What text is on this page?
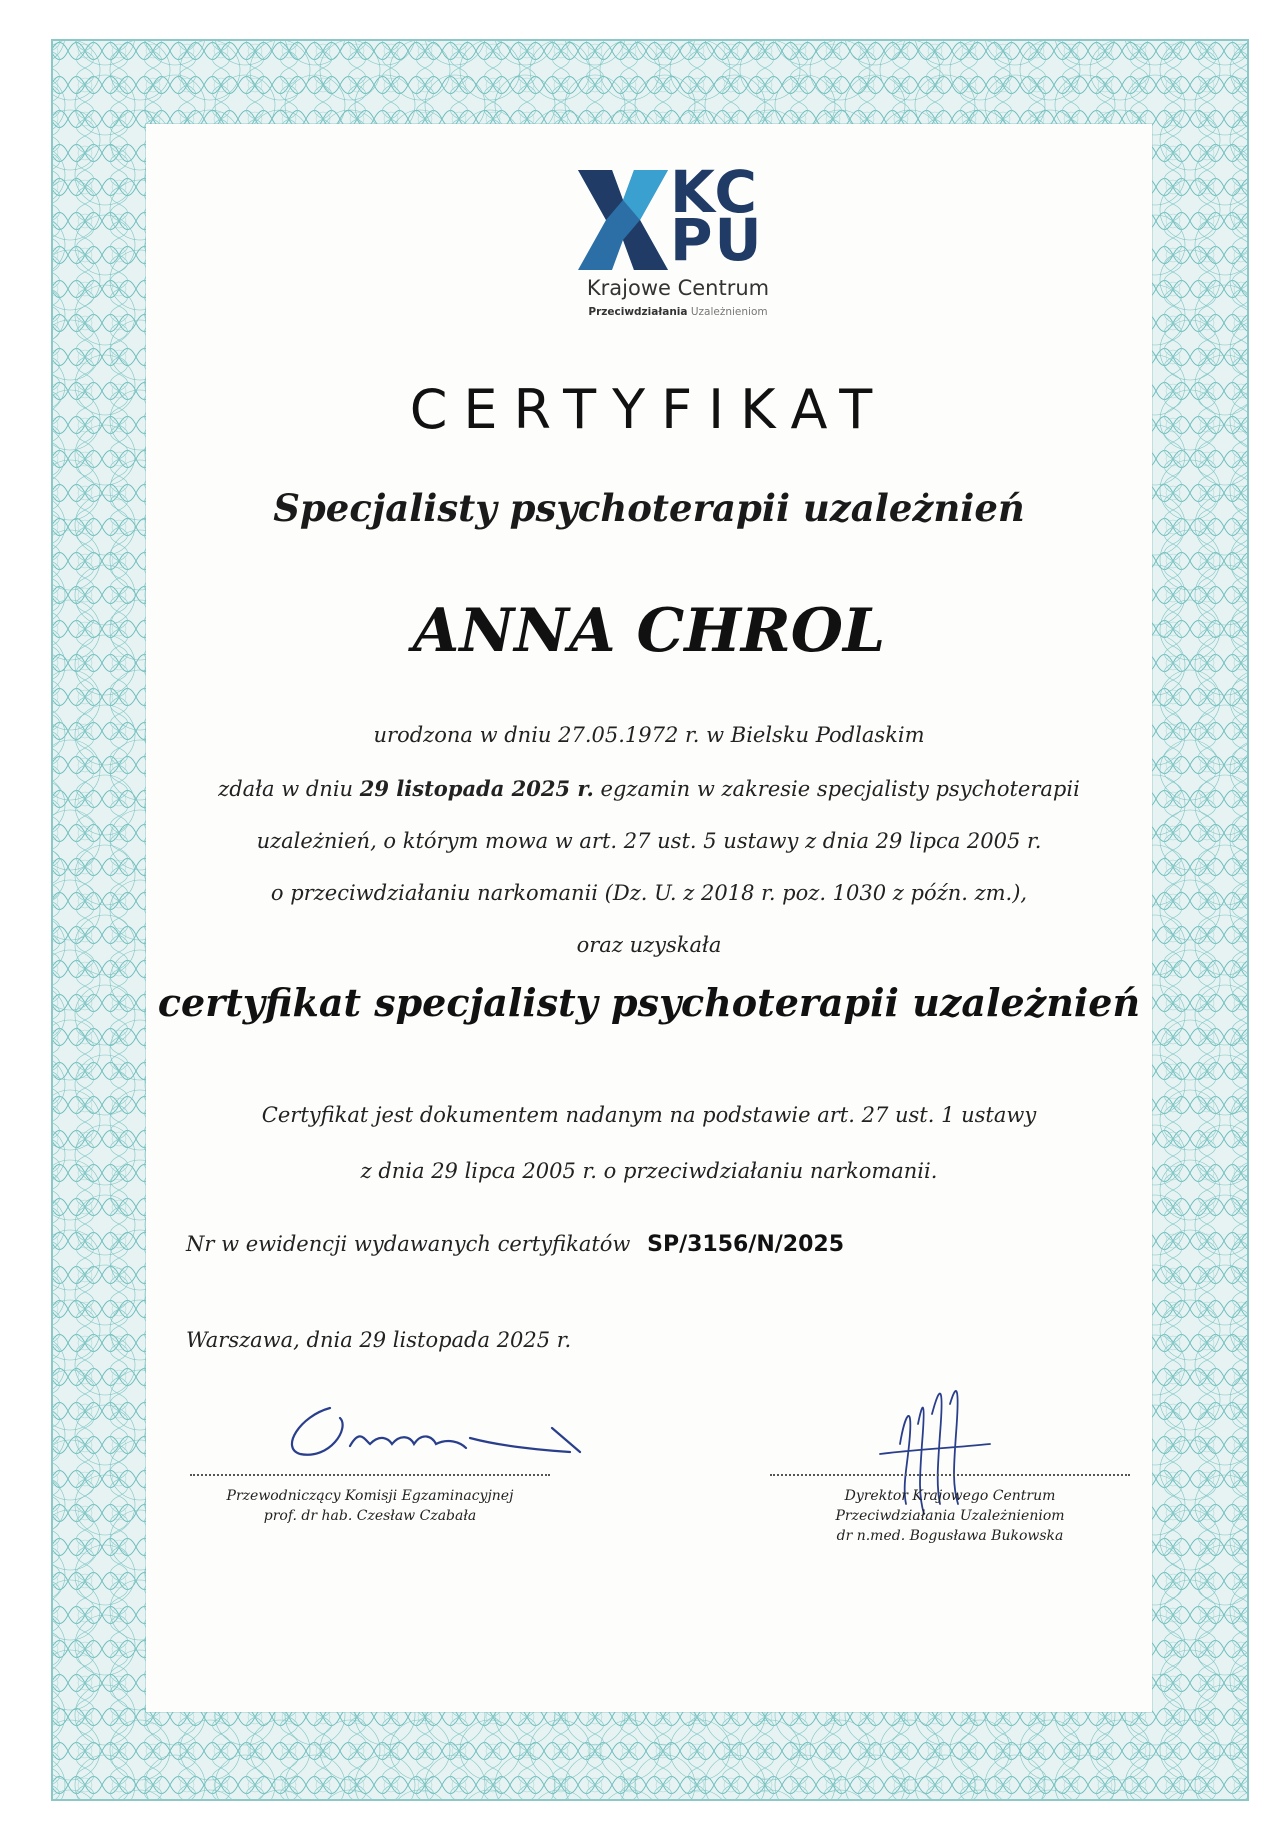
KC
PU
Krajowe Centrum
Przeciwdziałania Uzależnieniom
CERTYFIKAT
Specjalisty psychoterapii uzależnień
ANNA CHROL
urodzona w dniu 27.05.1972 r. w Bielsku Podlaskim
zdała w dniu 29 listopada 2025 r. egzamin w zakresie specjalisty psychoterapii
uzależnień, o którym mowa w art. 27 ust. 5 ustawy z dnia 29 lipca 2005 r.
o przeciwdziałaniu narkomanii (Dz. U. z 2018 r. poz. 1030 z późn. zm.),
oraz uzyskała
certyfikat specjalisty psychoterapii uzależnień
Certyfikat jest dokumentem nadanym na podstawie art. 27 ust. 1 ustawy
z dnia 29 lipca 2005 r. o przeciwdziałaniu narkomanii.
Nr w ewidencji wydawanych certyfikatów SP/3156/N/2025
Warszawa, dnia 29 listopada 2025 r.
Przewodniczący Komisji Egzaminacyjnej
prof. dr hab. Czesław Czabała
Dyrektor Krajowego Centrum
Przeciwdziałania Uzależnieniom
dr n.med. Bogusława Bukowska
